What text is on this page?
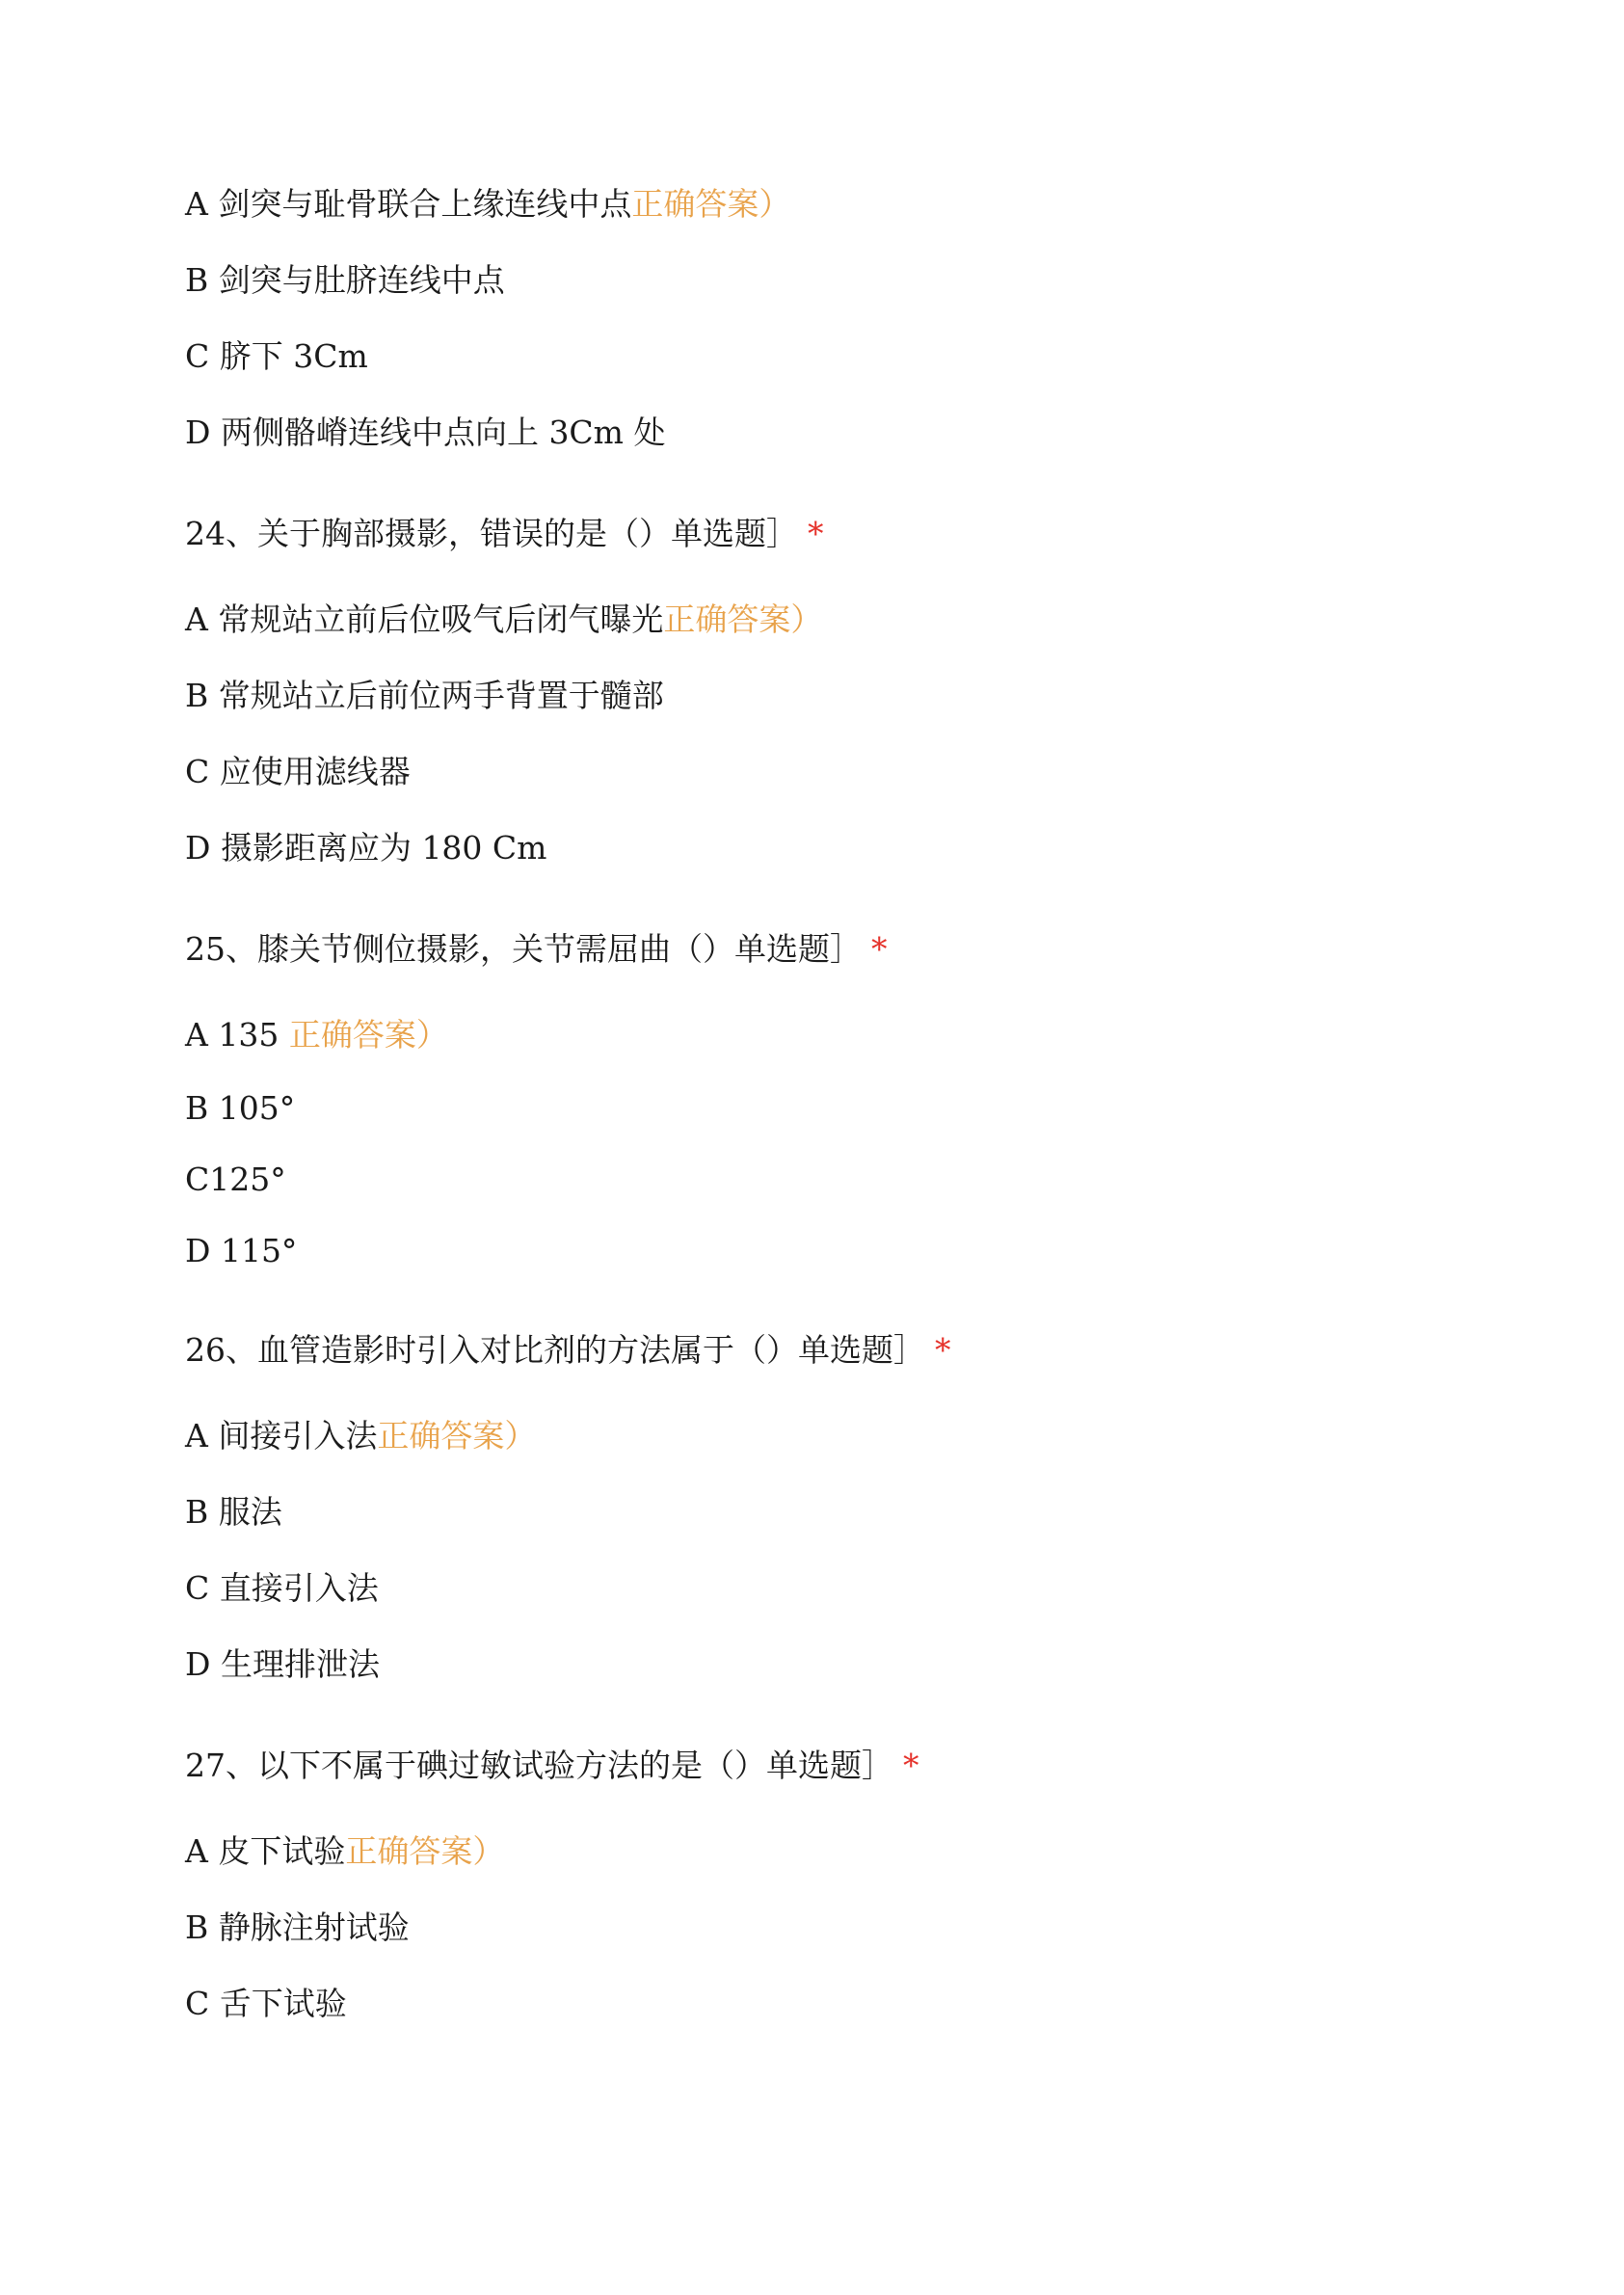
A 剑突与耻骨联合上缘连线中点正确答案）
B 剑突与肚脐连线中点
C 脐下 3Cm
D 两侧骼嵴连线中点向上 3Cm 处
24、关于胸部摄影，错误的是（）单选题］ *
A 常规站立前后位吸气后闭气曝光正确答案）
B 常规站立后前位两手背置于髓部
C 应使用滤线器
D 摄影距离应为 180 Cm
25、膝关节侧位摄影，关节需屈曲（）单选题］ *
A 135 正确答案）
B 105°
C125°
D 115°
26、血管造影时引入对比剂的方法属于（）单选题］ *
A 间接引入法正确答案）
B 服法
C 直接引入法
D 生理排泄法
27、以下不属于碘过敏试验方法的是（）单选题］ *
A 皮下试验正确答案）
B 静脉注射试验
C 舌下试验
